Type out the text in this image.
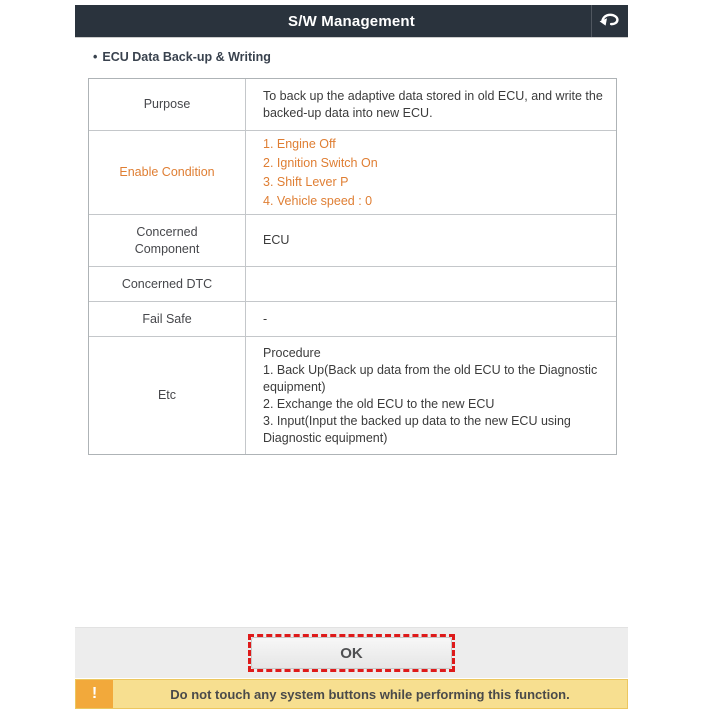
S/W Management
• ECU Data Back-up & Writing
Purpose
To back up the adaptive data stored in old ECU, and write the backed-up data into new ECU.
Enable Condition
1. Engine Off
2. Ignition Switch On
3. Shift Lever P
4. Vehicle speed : 0
Concerned Component
ECU
Concerned DTC
Fail Safe	-
Etc
Procedure
1. Back Up(Back up data from the old ECU to the Diagnostic equipment)
2. Exchange the old ECU to the new ECU
3. Input(Input the backed up data to the new ECU using Diagnostic equipment)
OK
!	Do not touch any system buttons while performing this function.
